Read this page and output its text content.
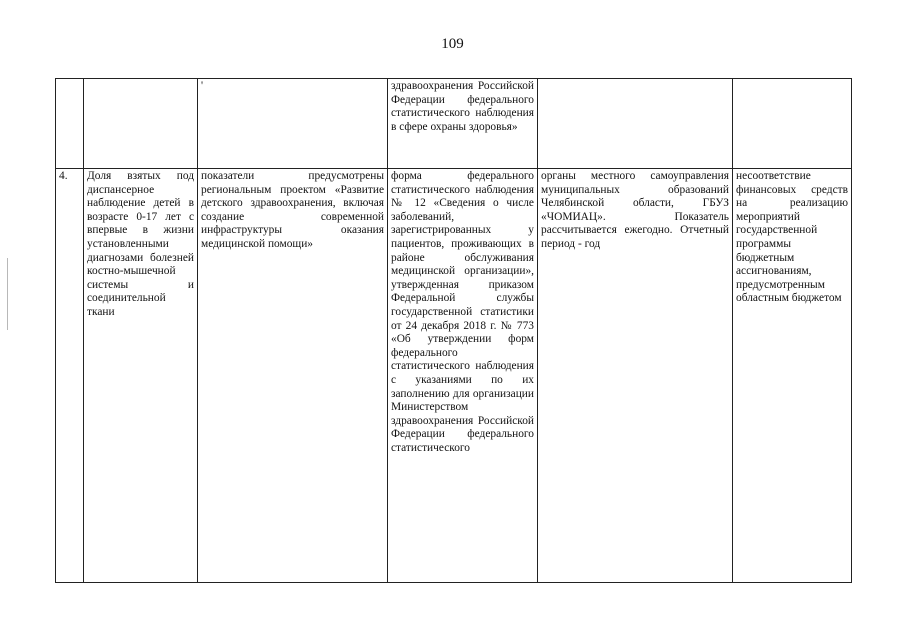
109
		'	здравоохранения Российской Федерации федерального статистического наблюдения в сфере охраны здоровья»		
4.	Доля взятых под диспансерное наблюдение детей в возрасте 0-17 лет с впервые в жизни установленными диагнозами болезней костно-мышечной системы и соединительной ткани	показатели предусмотрены региональным проектом «Развитие детского здравоохранения, включая создание современной инфраструктуры оказания медицинской помощи»	форма федерального статистического наблюдения № 12 «Сведения о числе заболеваний, зарегистрированных у пациентов, проживающих в районе обслуживания медицинской организации», утвержденная приказом Федеральной службы государственной статистики от 24 декабря 2018 г. № 773 «Об утверждении форм федерального статистического наблюдения с указаниями по их заполнению для организации Министерством здравоохранения Российской Федерации федерального статистического	органы местного самоуправления муниципальных образований Челябинской области, ГБУЗ «ЧОМИАЦ». Показатель рассчитывается ежегодно. Отчетный период - год	несоответствие финансовых средств на реализацию мероприятий государственной программы бюджетным ассигнованиям, предусмотренным областным бюджетом
